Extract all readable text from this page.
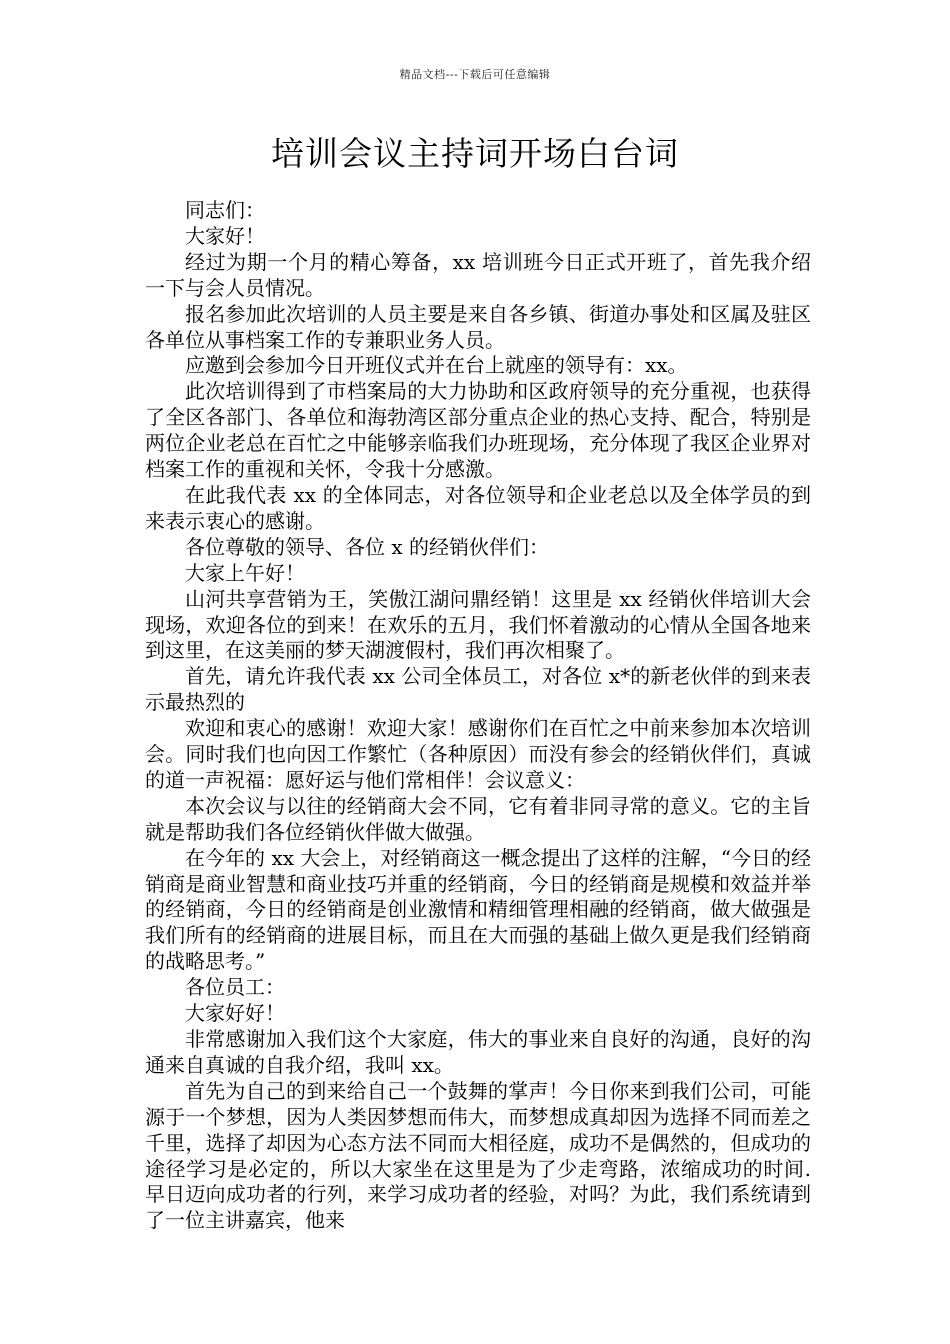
精品文档---下载后可任意编辑
培训会议主持词开场白台词

同志们：

大家好！

经过为期一个月的精心筹备，xx 培训班今日正式开班了，首先我介绍一下与会人员情况。

报名参加此次培训的人员主要是来自各乡镇、街道办事处和区属及驻区各单位从事档案工作的专兼职业务人员。

应邀到会参加今日开班仪式并在台上就座的领导有：xx。

此次培训得到了市档案局的大力协助和区政府领导的充分重视，也获得了全区各部门、各单位和海勃湾区部分重点企业的热心支持、配合，特别是两位企业老总在百忙之中能够亲临我们办班现场，充分体现了我区企业界对档案工作的重视和关怀，令我十分感激。

在此我代表 xx 的全体同志，对各位领导和企业老总以及全体学员的到来表示衷心的感谢。

各位尊敬的领导、各位 x 的经销伙伴们：

大家上午好！

山河共享营销为王，笑傲江湖问鼎经销！这里是 xx 经销伙伴培训大会现场，欢迎各位的到来！在欢乐的五月，我们怀着激动的心情从全国各地来到这里，在这美丽的梦天湖渡假村，我们再次相聚了。

首先，请允许我代表 xx 公司全体员工，对各位 x*的新老伙伴的到来表示最热烈的

欢迎和衷心的感谢！欢迎大家！感谢你们在百忙之中前来参加本次培训会。同时我们也向因工作繁忙（各种原因）而没有参会的经销伙伴们，真诚的道一声祝福：愿好运与他们常相伴！会议意义：

本次会议与以往的经销商大会不同，它有着非同寻常的意义。它的主旨就是帮助我们各位经销伙伴做大做强。

在今年的 xx 大会上，对经销商这一概念提出了这样的注解，“今日的经销商是商业智慧和商业技巧并重的经销商，今日的经销商是规模和效益并举的经销商，今日的经销商是创业激情和精细管理相融的经销商，做大做强是我们所有的经销商的进展目标，而且在大而强的基础上做久更是我们经销商的战略思考。”

各位员工：

大家好好！

非常感谢加入我们这个大家庭，伟大的事业来自良好的沟通，良好的沟通来自真诚的自我介绍，我叫 xx。

首先为自己的到来给自己一个鼓舞的掌声！今日你来到我们公司，可能源于一个梦想，因为人类因梦想而伟大，而梦想成真却因为选择不同而差之千里，选择了却因为心态方法不同而大相径庭，成功不是偶然的，但成功的途径学习是必定的，所以大家坐在这里是为了少走弯路，浓缩成功的时间.早日迈向成功者的行列，来学习成功者的经验，对吗？为此，我们系统请到了一位主讲嘉宾，他来
